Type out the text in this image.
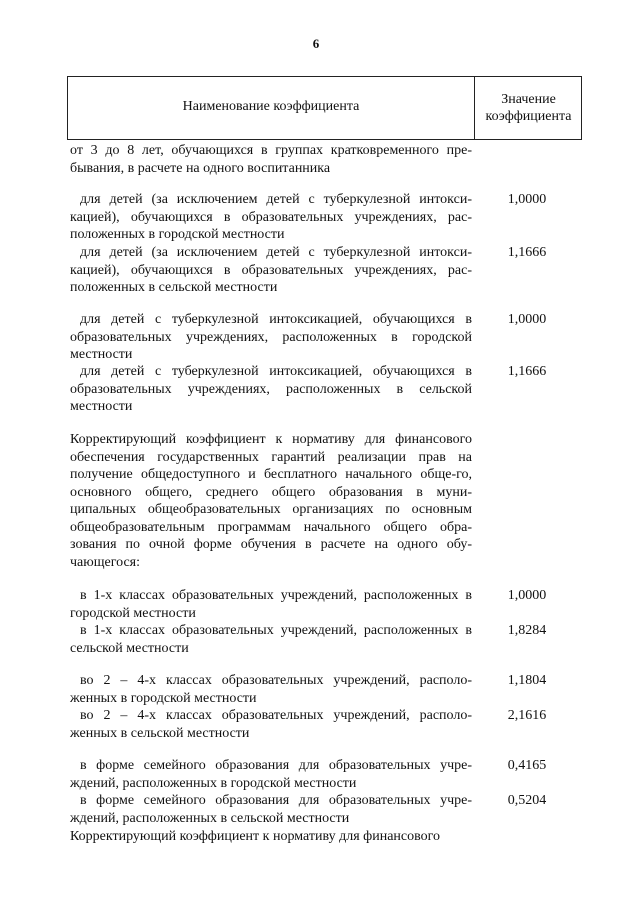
6
Наименование коэффициента	Значение
коэффициента
от 3 до 8 лет, обучающихся в группах кратковременного пре-бывания, в расчете на одного воспитанника
для детей (за исключением детей с туберкулезной интокси-кацией), обучающихся в образовательных учреждениях, рас-положенных в городской местности
1,0000
для детей (за исключением детей с туберкулезной интокси-кацией), обучающихся в образовательных учреждениях, рас-положенных в сельской местности
1,1666
для детей с туберкулезной интоксикацией, обучающихся в образовательных учреждениях, расположенных в городской местности
1,0000
для детей с туберкулезной интоксикацией, обучающихся в образовательных учреждениях, расположенных в сельской местности
1,1666
Корректирующий коэффициент к нормативу для финансового обеспечения государственных гарантий реализации прав на получение общедоступного и бесплатного начального обще-го, основного общего, среднего общего образования в муни-ципальных общеобразовательных организациях по основным общеобразовательным программам начального общего обра-зования по очной форме обучения в расчете на одного обу-чающегося:
в 1-х классах образовательных учреждений, расположенных в городской местности
1,0000
в 1-х классах образовательных учреждений, расположенных в сельской местности
1,8284
во 2 – 4-х классах образовательных учреждений, располо-женных в городской местности
1,1804
во 2 – 4-х классах образовательных учреждений, располо-женных в сельской местности
2,1616
в форме семейного образования для образовательных учре-ждений, расположенных в городской местности
0,4165
в форме семейного образования для образовательных учре-ждений, расположенных в сельской местности
0,5204
Корректирующий коэффициент к нормативу для финансового
